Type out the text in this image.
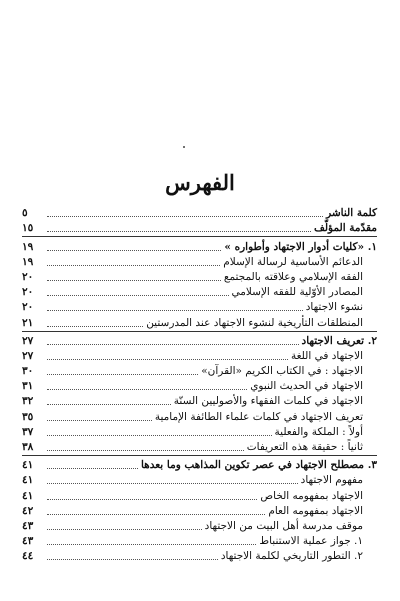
الفهرس
كلمة الناشر
٥
مقدّمة المؤلّف
١٥
١. «كليات أدوار الاجتهاد وأطواره »
١٩
الدعائم الأساسية لرسالة الإسلام
١٩
الفقه الإسلامي وعلاقته بالمجتمع
٢٠
المصادر الأوّلية للفقه الإسلامي
٢٠
نشوء الاجتهاد
٢٠
المنطلقات التأريخية لنشوء الاجتهاد عند المدرستين
٢١
٢. تعريف الاجتهاد
٢٧
الاجتهاد في اللغة
٢٧
الاجتهاد : في الكتاب الكريم «القرآن»
٣٠
الاجتهاد في الحديث النبوي
٣١
الاجتهاد في كلمات الفقهاء والأصوليين السنّة
٣٢
تعريف الاجتهاد في كلمات علماء الطائفة الإمامية
٣٥
أولاً : الملكة والفعلية
٣٧
ثانياً : حقيقة هذه التعريفات
٣٨
٣. مصطلح الاجتهاد في عصر تكوين المذاهب وما بعدها
٤١
مفهوم الاجتهاد
٤١
الاجتهاد بمفهومه الخاص
٤١
الاجتهاد بمفهومه العام
٤٢
موقف مدرسة أهل البيت من الاجتهاد
٤٣
١. جواز عملية الاستنباط
٤٣
٢. التطور التاريخي لكلمة الاجتهاد
٤٤
